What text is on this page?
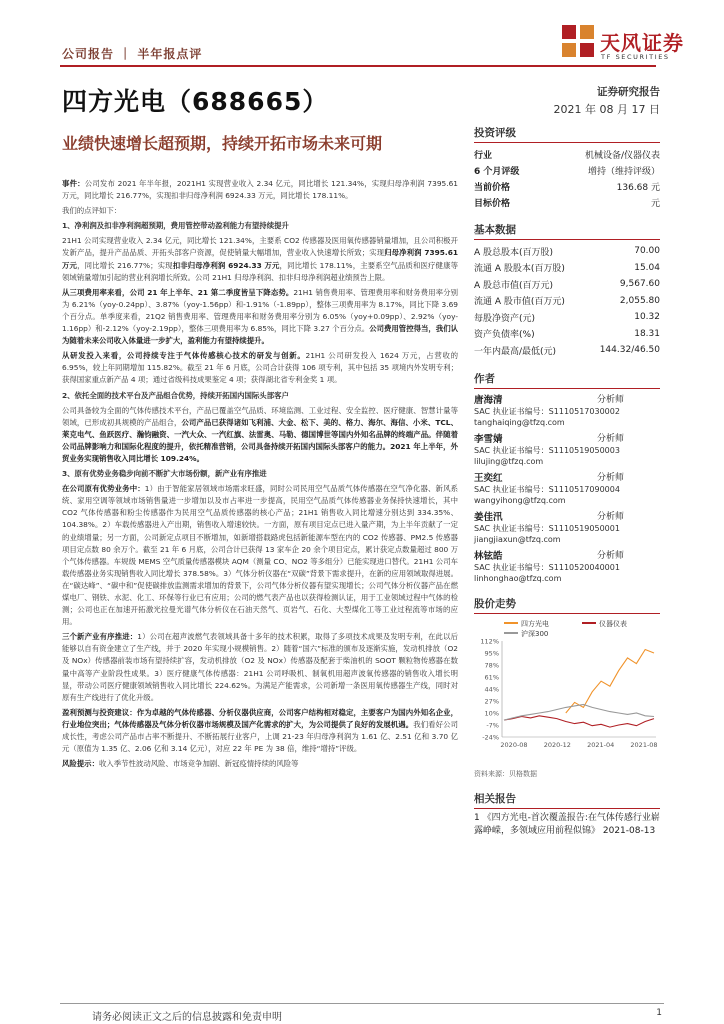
公司报告 ｜ 半年报点评	天风证券
TF SECURITIES
四方光电（688665）	证券研究报告
2021 年 08 月 17 日
业绩快速增长超预期，持续开拓市场未来可期

事件：公司发布 2021 年半年报，2021H1 实现营业收入 2.34 亿元，同比增长 121.34%，实现归母净利润 7395.61 万元，同比增长 216.77%，实现扣非归母净利润 6924.33 万元，同比增长 178.11%。

我们的点评如下：

1、净利润及扣非净利润超预期，费用管控带动盈利能力有望持续提升

21H1 公司实现营业收入 2.34 亿元，同比增长 121.34%，主要系 CO2 传感器及医用氧传感器销量增加，且公司积极开发新产品，提升产品品质、开拓头部客户资源，促使销量大幅增加，营业收入快速增长所致；实现归母净利润 7395.61 万元，同比增长 216.77%；实现扣非归母净利润 6924.33 万元，同比增长 178.11%，主要系空气品质和医疗健康等领域销量增加引起的营业利润增长所致。公司 21H1 归母净利润、扣非归母净利润超业绩预告上限。

从三项费用率来看，公司 21 年上半年、21 第二季度皆呈下降态势。21H1 销售费用率、管理费用率和财务费用率分别为 6.21%（yoy-0.24pp）、3.87%（yoy-1.56pp）和-1.91%（-1.89pp），整体三项费用率为 8.17%，同比下降 3.69 个百分点。单季度来看，21Q2 销售费用率、管理费用率和财务费用率分别为 6.05%（yoy+0.09pp）、2.92%（yoy-1.16pp）和-2.12%（yoy-2.19pp），整体三项费用率为 6.85%，同比下降 3.27 个百分点。公司费用管控得当，我们认为随着未来公司收入体量进一步扩大，盈利能力有望持续提升。

从研发投入来看，公司持续专注于气体传感核心技术的研发与创新。21H1 公司研发投入 1624 万元，占营收的 6.95%，较上年同期增加 115.82%。截至 21 年 6 月底，公司合计获得 106 项专利，其中包括 35 项境内外发明专利；获得国家重点新产品 4 项；通过省级科技成果鉴定 4 项；获得湖北省专利金奖 1 项。

2、依托全面的技术平台及产品组合优势，持续开拓国内国际头部客户

公司具备较为全面的气体传感技术平台，产品已覆盖空气品质、环境监测、工业过程、安全监控、医疗健康、智慧计量等领域，已形成初具规模的产品组合，公司产品已获得诸如飞利浦、大金、松下、美的、格力、海尔、海信、小米、TCL、莱克电气、鱼跃医疗、瀚钧融资、一汽大众、一汽红旗、法雷奥、马勒、德国博世等国内外知名品牌的终端产品。伴随着公司品牌影响力和国际化程度的提升，依托精准营销，公司具备持续开拓国内国际头部客户的能力。2021 年上半年，外贸业务实现销售收入同比增长 109.24%。

3、原有优势业务稳步向前不断扩大市场份额，新产业有序推进

在公司原有优势业务中：1）由于智能家居领域市场需求旺盛，同时公司民用空气品质气体传感器在空气净化器、新风系统、家用空调等领域市场销售量进一步增加以及市占率进一步提高，民用空气品质气体传感器业务保持快速增长，其中 CO2 气体传感器和粉尘传感器作为民用空气品质传感器的核心产品；21H1 销售收入同比增速分别达到 334.35%、104.38%。2）车载传感器进入产出期，销售收入增速较快。一方面，原有项目定点已进入量产期，为上半年贡献了一定的业绩增量；另一方面，公司新定点项目不断增加，如新增搭载路虎包括新能源车型在内的 CO2 传感器、PM2.5 传感器项目定点数 80 余万个。截至 21 年 6 月底，公司合计已获得 13 家车企 20 余个项目定点，累计获定点数量超过 800 万个气体传感器。车规级 MEMS 空气质量传感器模块 AQM（测量 CO、NO2 等多组分）已能实现进口替代。21H1 公司车载传感器业务实现销售收入同比增长 378.58%。3）气体分析仪器在“双碳”背景下需求提升，在新的应用领域取得进展。在“碳达峰”、“碳中和”促使碳排放监测需求增加的背景下，公司气体分析仪器有望实现增长；公司气体分析仪器产品在燃煤电厂、钢铁、水泥、化工、环保等行业已有应用；公司的燃气表产品也以获得检测认证，用于工业领域过程中气体的检测；公司也正在加速开拓激光拉曼光谱气体分析仪在石油天然气、页岩气、石化、大型煤化工等工业过程流等市场的应用。

三个新产业有序推进：1）公司在超声波燃气表领域具备十多年的技术积累，取得了多项技术成果及发明专利，在此以后能够以自有资金建立了生产线，并于 2020 年实现小规模销售。2）随着“国六”标准的颁布及逐渐实施，发动机排放（O2 及 NOx）传感器前装市场有望持续扩容，发动机排放（O2 及 NOx）传感器及配套于柴油机的 SOOT 颗粒物传感器在数量中高等产业阶段性成果。3）医疗健康气体传感器：21H1 公司呼吸机、制氧机用超声波氧传感器的销售收入增长明显，带动公司医疗健康领域销售收入同比增长 224.62%。为满足产能需求，公司新增一条医用氧传感器生产线，同时对原有生产线进行了优化升级。

盈利预测与投资建议：作为卓越的气体传感器、分析仪器供应商，公司客户结构相对稳定，主要客户为国内外知名企业，行业地位突出；气体传感器及气体分析仪器市场规模及国产化需求的扩大，为公司提供了良好的发展机遇。我们看好公司成长性，考虑公司产品市占率不断提升、不断拓展行业客户，上调 21-23 年归母净利润为 1.61 亿、2.51 亿和 3.70 亿元（原值为 1.35 亿、2.06 亿和 3.14 亿元），对应 22 年 PE 为 38 倍，维持“增持”评级。

风险提示：收入季节性波动风险、市场竞争加剧、新冠疫情持续的风险等

投资评级
行业	机械设备/仪器仪表
6 个月评级	增持（维持评级）
当前价格	136.68 元
目标价格	元
基本数据
A 股总股本(百万股)	70.00
流通 A 股股本(百万股)	15.04
A 股总市值(百万元)	9,567.60
流通 A 股市值(百万元)	2,055.80
每股净资产(元)	10.32
资产负债率(%)	18.31
一年内最高/最低(元)	144.32/46.50
作者
唐海清	分析师
SAC 执业证书编号：S1110517030002
tanghaiqing@tfzq.com
李雪婧	分析师
SAC 执业证书编号：S1110519050003
lilujing@tfzq.com
王奕红	分析师
SAC 执业证书编号：S1110517090004
wangyihong@tfzq.com
姜佳汛	分析师
SAC 执业证书编号：S1110519050001
jiangjiaxun@tfzq.com
林铉皓	分析师
SAC 执业证书编号：S1110520040001
linhonghao@tfzq.com
股价走势
四方光电	仪器仪表
沪深300
112%
95%
78%
61%
44%
27%
10%
-7%
-24%
2020-08 2020-12 2021-04 2021-08
资料来源：贝格数据
相关报告
1 《四方光电-首次覆盖报告:在气体传感行业崭露峥嵘，多领域应用前程似锦》 2021-08-13
请务必阅读正文之后的信息披露和免责申明	1
